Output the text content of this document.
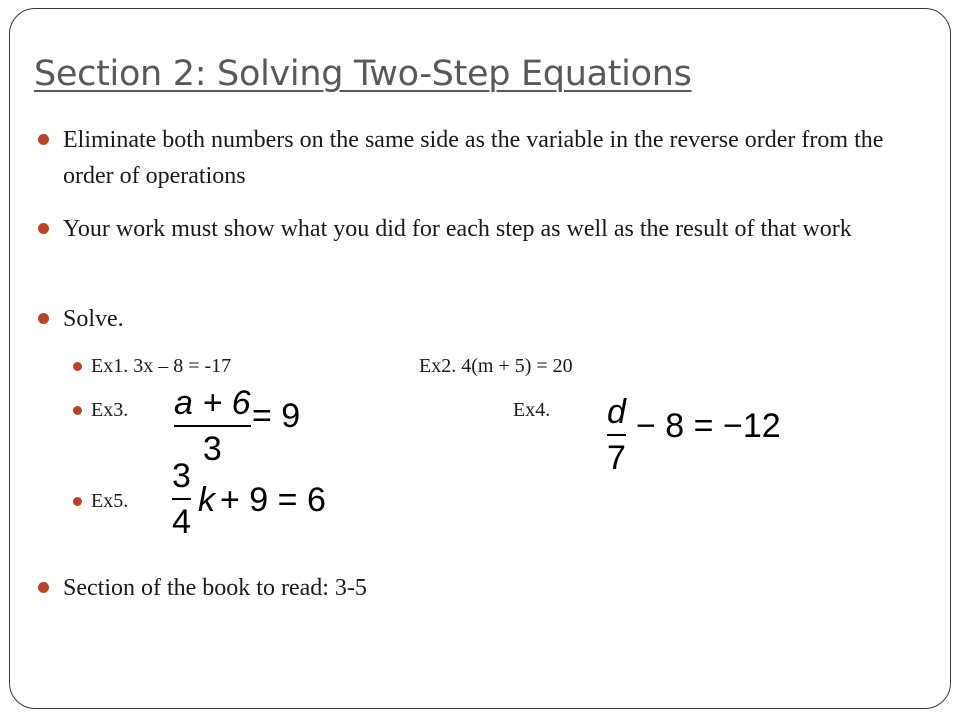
Section 2: Solving Two-Step Equations
Eliminate both numbers on the same side as the variable in the reverse order from the order of operations
Your work must show what you did for each step as well as the result of that work
Solve.
Ex1. 3x – 8 = -17	Ex2. 4(m + 5) = 20
Ex3. a + 6
3
= 9	Ex4. d
7
− 8 = −12
Ex5.
3
4
k + 9 = 6
Section of the book to read: 3-5
